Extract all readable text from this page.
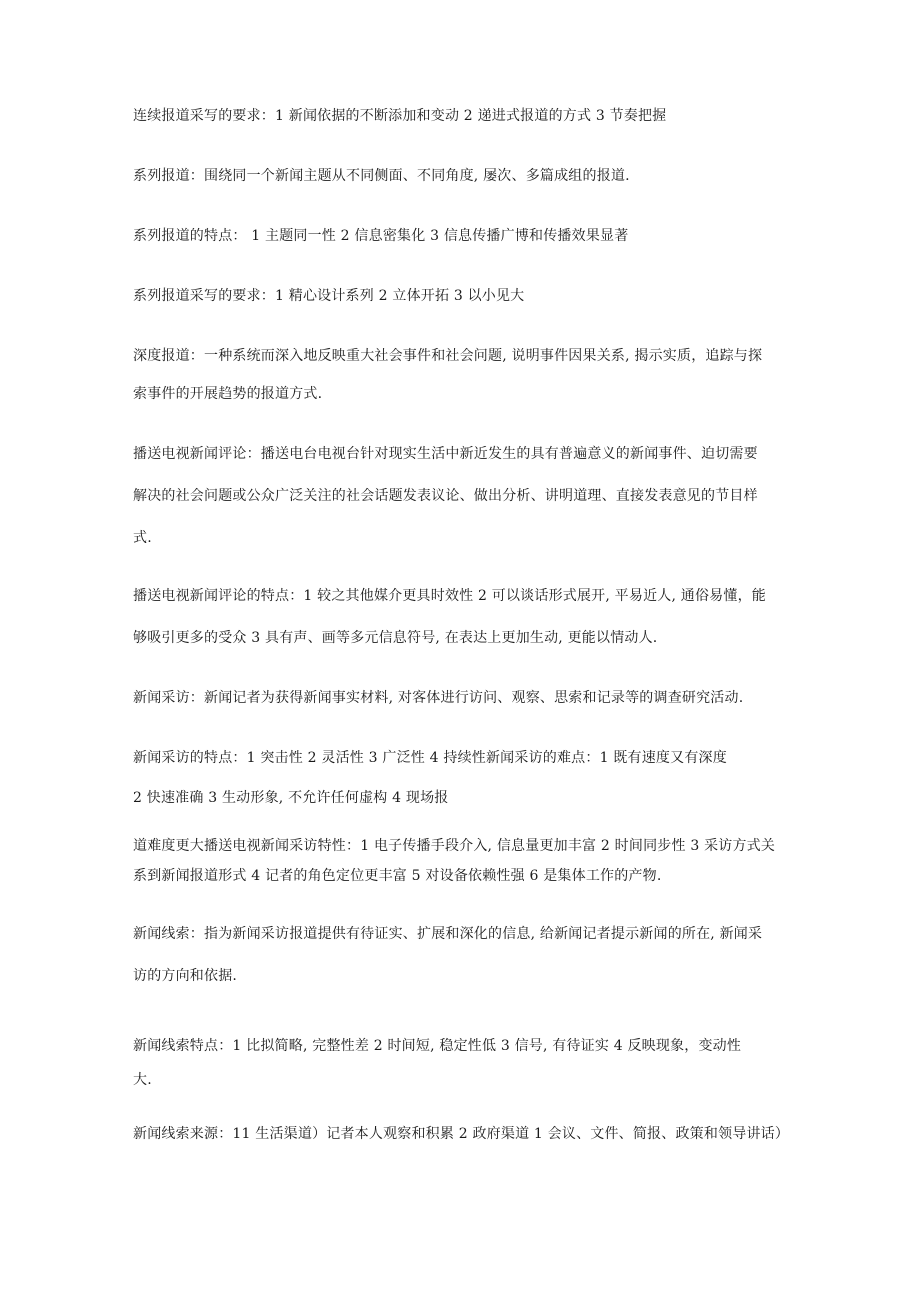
连续报道采写的要求：1 新闻依据的不断添加和变动 2 递进式报道的方式 3 节奏把握
系列报道：围绕同一个新闻主题从不同侧面、不同角度, 屡次、多篇成组的报道.
系列报道的特点： 1 主题同一性 2 信息密集化 3 信息传播广博和传播效果显著
系列报道采写的要求：1 精心设计系列 2 立体开拓 3 以小见大
深度报道：一种系统而深入地反映重大社会事件和社会问题, 说明事件因果关系, 揭示实质，追踪与探
索事件的开展趋势的报道方式.
播送电视新闻评论：播送电台电视台针对现实生活中新近发生的具有普遍意义的新闻事件、迫切需要
解决的社会问题或公众广泛关注的社会话题发表议论、做出分析、讲明道理、直接发表意见的节目样
式.
播送电视新闻评论的特点：1 较之其他媒介更具时效性 2 可以谈话形式展开, 平易近人, 通俗易懂，能
够吸引更多的受众 3 具有声、画等多元信息符号, 在表达上更加生动, 更能以情动人.
新闻采访：新闻记者为获得新闻事实材料, 对客体进行访问、观察、思索和记录等的调查研究活动.
新闻采访的特点：1 突击性 2 灵活性 3 广泛性 4 持续性新闻采访的难点：1 既有速度又有深度
2 快速准确 3 生动形象, 不允许任何虚构 4 现场报
道难度更大播送电视新闻采访特性：1 电子传播手段介入, 信息量更加丰富 2 时间同步性 3 采访方式关
系到新闻报道形式 4 记者的角色定位更丰富 5 对设备依赖性强 6 是集体工作的产物.
新闻线索：指为新闻采访报道提供有待证实、扩展和深化的信息, 给新闻记者提示新闻的所在, 新闻采
访的方向和依据.
新闻线索特点：1 比拟简略, 完整性差 2 时间短, 稳定性低 3 信号, 有待证实 4 反映现象，变动性
大.
新闻线索来源：11 生活渠道）记者本人观察和积累 2 政府渠道 1 会议、文件、简报、政策和领导讲话）
